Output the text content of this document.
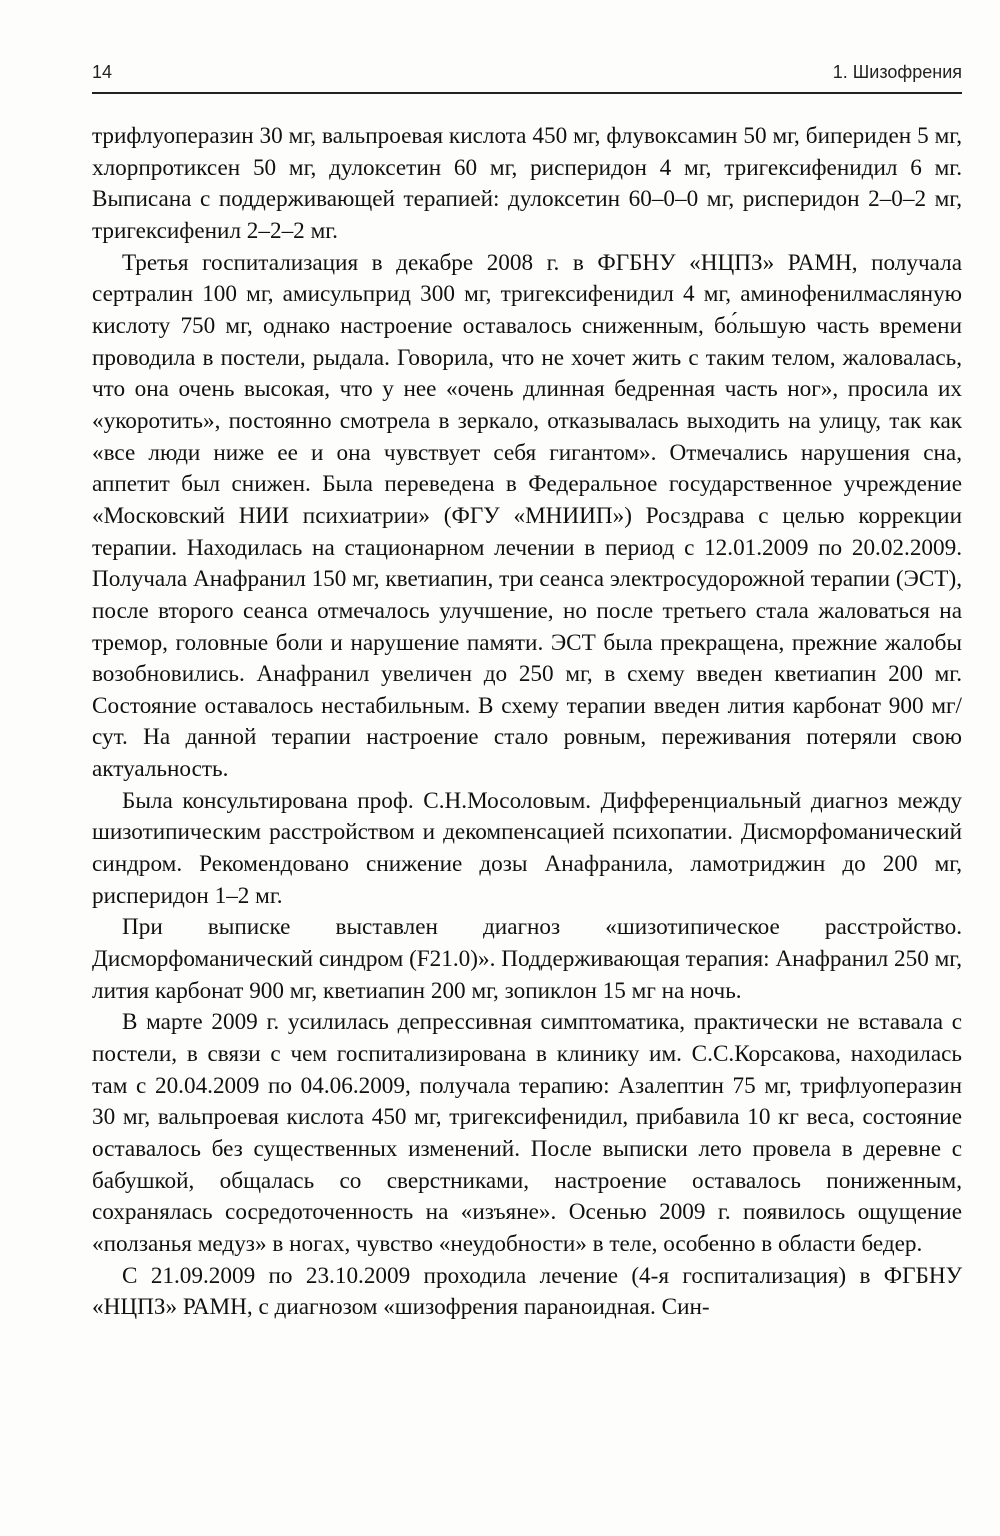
14	1. Шизофрения

трифлуоперазин 30 мг, вальпроевая кислота 450 мг, флувоксамин 50 мг, бипериден 5 мг, хлорпротиксен 50 мг, дулоксетин 60 мг, рисперидон 4 мг, тригексифенидил 6 мг. Выписана с поддерживающей терапией: дулоксетин 60–0–0 мг, рисперидон 2–0–2 мг, тригексифенил 2–2–2 мг.

Третья госпитализация в декабре 2008 г. в ФГБНУ «НЦПЗ» РАМН, получала сертралин 100 мг, амисульприд 300 мг, тригексифенидил 4 мг, аминофенилмасляную кислоту 750 мг, однако настроение оставалось сниженным, бо́льшую часть времени проводила в постели, рыдала. Говорила, что не хочет жить с таким телом, жаловалась, что она очень высокая, что у нее «очень длинная бедренная часть ног», просила их «укоротить», постоянно смотрела в зеркало, отказывалась выходить на улицу, так как «все люди ниже ее и она чувствует себя гигантом». Отмечались нарушения сна, аппетит был снижен. Была переведена в Федеральное государственное учреждение «Московский НИИ психиатрии» (ФГУ «МНИИП») Росздрава с целью коррекции терапии. Находилась на стационарном лечении в период с 12.01.2009 по 20.02.2009. Получала Анафранил 150 мг, кветиапин, три сеанса электросудорожной терапии (ЭСТ), после второго сеанса отмечалось улучшение, но после третьего стала жаловаться на тремор, головные боли и нарушение памяти. ЭСТ была прекращена, прежние жалобы возобновились. Анафранил увеличен до 250 мг, в схему введен кветиапин 200 мг. Состояние оставалось нестабильным. В схему терапии введен лития карбонат 900 мг/сут. На данной терапии настроение стало ровным, переживания потеряли свою актуальность.

Была консультирована проф. С.Н.Мосоловым. Дифференциальный диагноз между шизотипическим расстройством и декомпенсацией психопатии. Дисморфоманический синдром. Рекомендовано снижение дозы Анафранила, ламотриджин до 200 мг, рисперидон 1–2 мг.

При выписке выставлен диагноз «шизотипическое расстройство. Дисморфоманический синдром (F21.0)». Поддерживающая терапия: Анафранил 250 мг, лития карбонат 900 мг, кветиапин 200 мг, зопиклон 15 мг на ночь.

В марте 2009 г. усилилась депрессивная симптоматика, практически не вставала с постели, в связи с чем госпитализирована в клинику им. С.С.Корсакова, находилась там с 20.04.2009 по 04.06.2009, получала терапию: Азалептин 75 мг, трифлуоперазин 30 мг, вальпроевая кислота 450 мг, тригексифенидил, прибавила 10 кг веса, состояние оставалось без существенных изменений. После выписки лето провела в деревне с бабушкой, общалась со сверстниками, настроение оставалось пониженным, сохранялась сосредоточенность на «изъяне». Осенью 2009 г. появилось ощущение «ползанья медуз» в ногах, чувство «неудобности» в теле, особенно в области бедер.

С 21.09.2009 по 23.10.2009 проходила лечение (4-я госпитализация) в ФГБНУ «НЦПЗ» РАМН, с диагнозом «шизофрения параноидная. Син-
